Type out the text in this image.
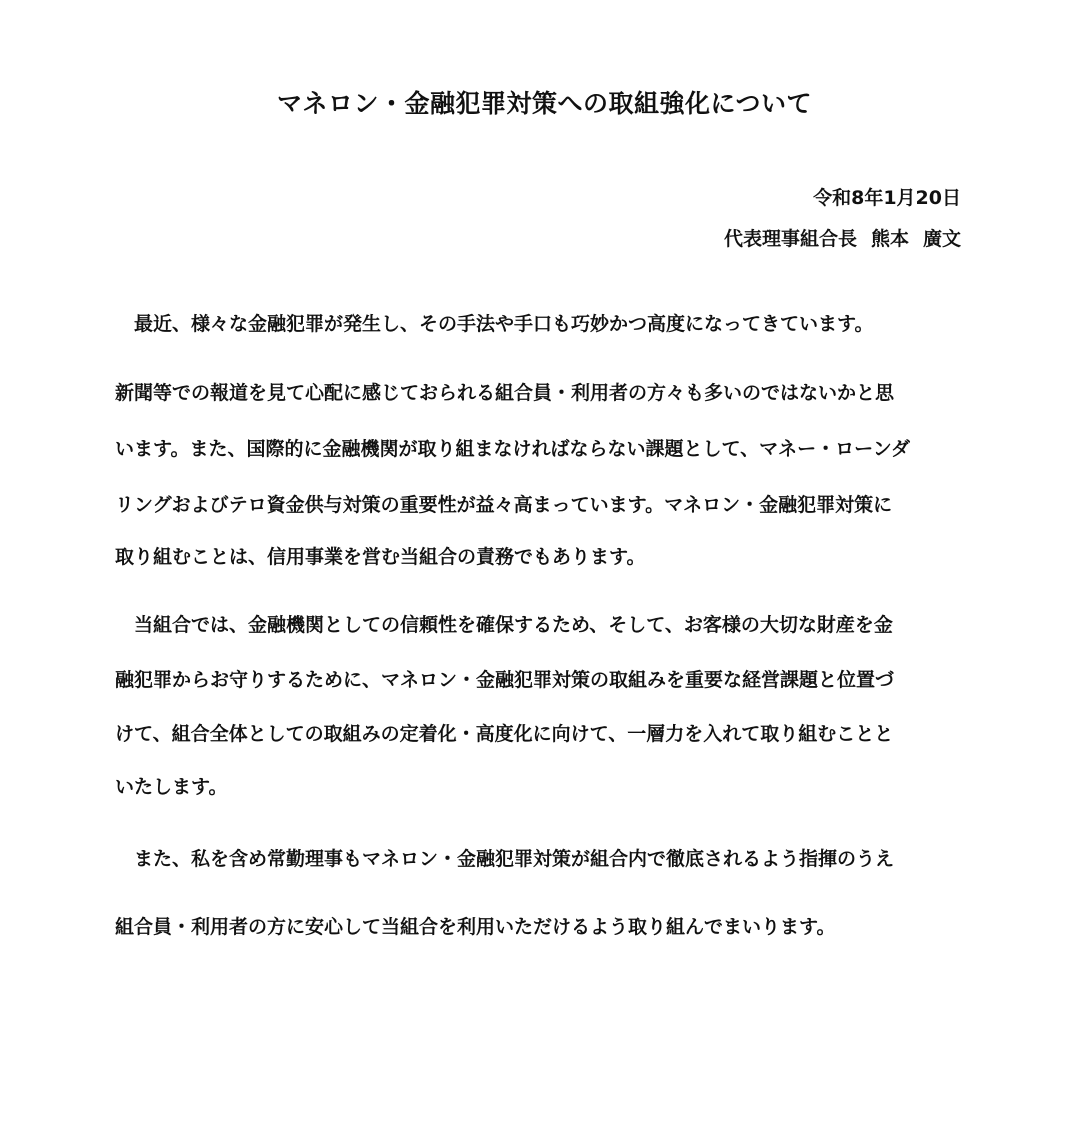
マネロン・金融犯罪対策への取組強化について
令和8年1月20日
代表理事組合長 熊本 廣文
　最近、様々な金融犯罪が発生し、その手法や手口も巧妙かつ高度になってきています。
新聞等での報道を見て心配に感じておられる組合員・利用者の方々も多いのではないかと思
います。また、国際的に金融機関が取り組まなければならない課題として、マネー・ローンダ
リングおよびテロ資金供与対策の重要性が益々高まっています。マネロン・金融犯罪対策に
取り組むことは、信用事業を営む当組合の責務でもあります。
　当組合では、金融機関としての信頼性を確保するため、そして、お客様の大切な財産を金
融犯罪からお守りするために、マネロン・金融犯罪対策の取組みを重要な経営課題と位置づ
けて、組合全体としての取組みの定着化・高度化に向けて、一層力を入れて取り組むことと
いたします。
　また、私を含め常勤理事もマネロン・金融犯罪対策が組合内で徹底されるよう指揮のうえ
組合員・利用者の方に安心して当組合を利用いただけるよう取り組んでまいります。
